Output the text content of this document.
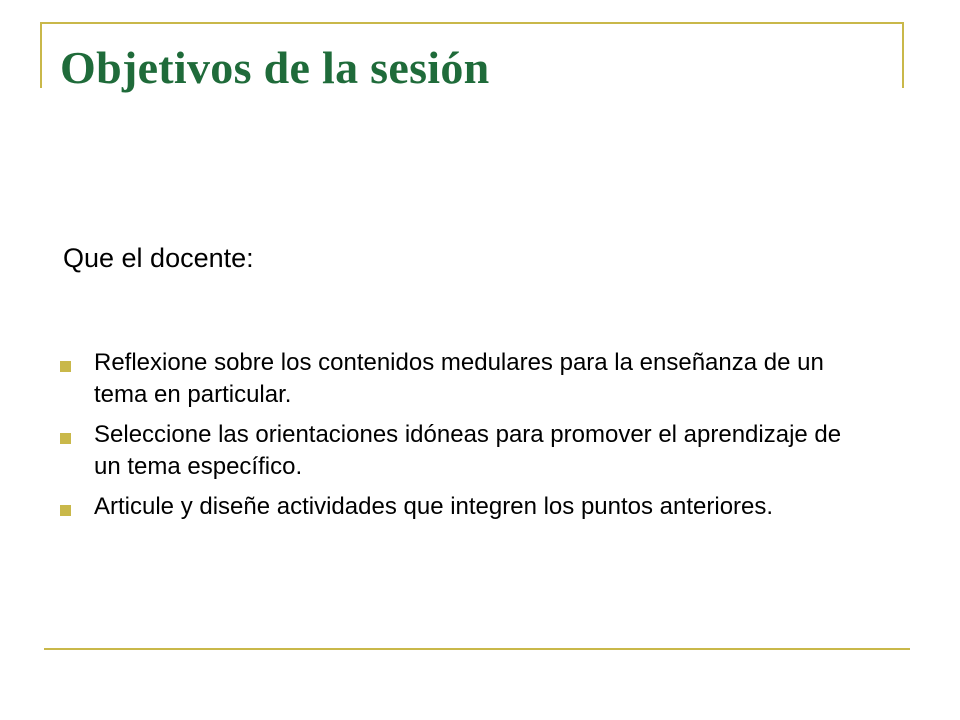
Objetivos de la sesión

Que el docente:

Reflexione sobre los contenidos medulares para la enseñanza de un tema en particular.
Seleccione las orientaciones idóneas para promover el aprendizaje de un tema específico.
Articule y diseñe actividades que integren los puntos anteriores.
